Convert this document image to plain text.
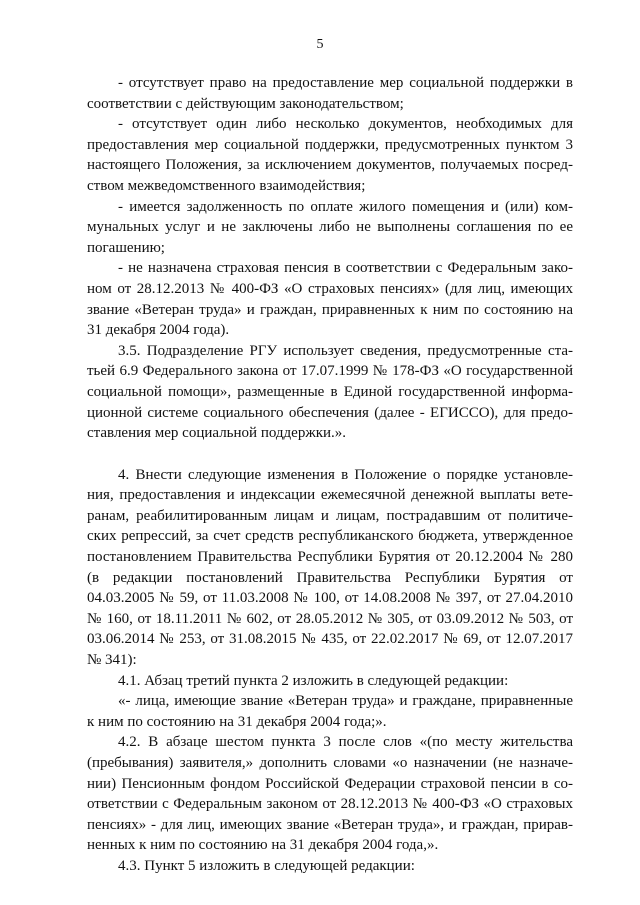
5

- отсутствует право на предоставление мер социальной поддержки в соответствии с действующим законодательством;

- отсутствует один либо несколько документов, необходимых для предоставления мер социальной поддержки, предусмотренных пунктом 3 настоящего Положения, за исключением документов, получаемых посредством межведомственного взаимодействия;

- имеется задолженность по оплате жилого помещения и (или) коммунальных услуг и не заключены либо не выполнены соглашения по ее погашению;

- не назначена страховая пенсия в соответствии с Федеральным законом от 28.12.2013 № 400-ФЗ «О страховых пенсиях» (для лиц, имеющих звание «Ветеран труда» и граждан, приравненных к ним по состоянию на 31 декабря 2004 года).

3.5. Подразделение РГУ использует сведения, предусмотренные статьей 6.9 Федерального закона от 17.07.1999 № 178-ФЗ «О государственной социальной помощи», размещенные в Единой государственной информационной системе социального обеспечения (далее - ЕГИССО), для предоставления мер социальной поддержки.».

4. Внести следующие изменения в Положение о порядке установления, предоставления и индексации ежемесячной денежной выплаты ветеранам, реабилитированным лицам и лицам, пострадавшим от политических репрессий, за счет средств республиканского бюджета, утвержденное постановлением Правительства Республики Бурятия от 20.12.2004 № 280 (в редакции постановлений Правительства Республики Бурятия от 04.03.2005 № 59, от 11.03.2008 № 100, от 14.08.2008 № 397, от 27.04.2010 № 160, от 18.11.2011 № 602, от 28.05.2012 № 305, от 03.09.2012 № 503, от 03.06.2014 № 253, от 31.08.2015 № 435, от 22.02.2017 № 69, от 12.07.2017 № 341):

4.1. Абзац третий пункта 2 изложить в следующей редакции:

«- лица, имеющие звание «Ветеран труда» и граждане, приравненные к ним по состоянию на 31 декабря 2004 года;».

4.2. В абзаце шестом пункта 3 после слов «(по месту жительства (пребывания) заявителя,» дополнить словами «о назначении (не назначении) Пенсионным фондом Российской Федерации страховой пенсии в соответствии с Федеральным законом от 28.12.2013 № 400-ФЗ «О страховых пенсиях» - для лиц, имеющих звание «Ветеран труда», и граждан, приравненных к ним по состоянию на 31 декабря 2004 года,».

4.3. Пункт 5 изложить в следующей редакции:
